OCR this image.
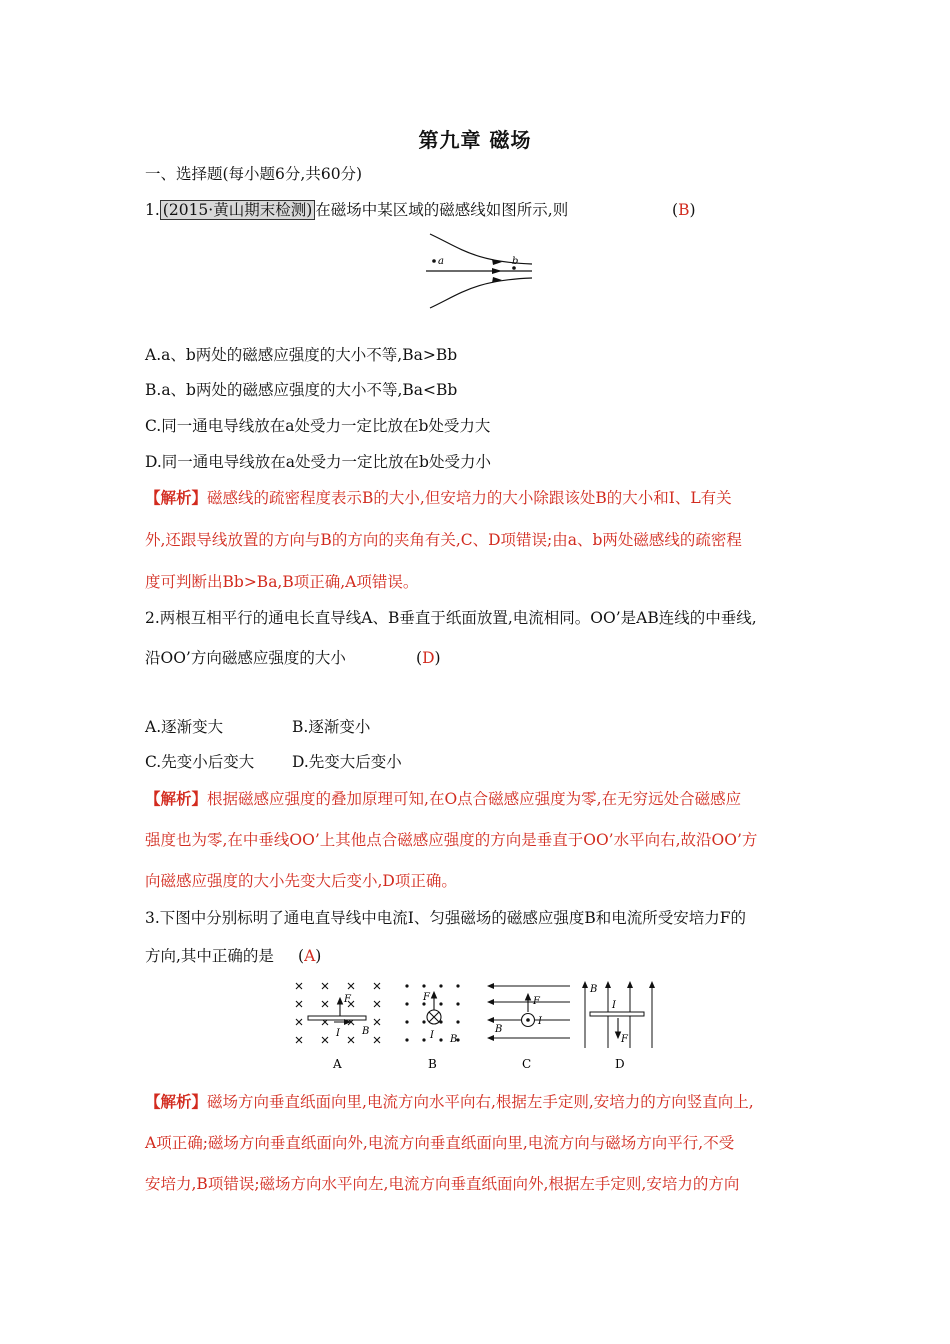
第九章 磁场
一、选择题(每小题6分,共60分)
1. (2015·黄山期末检测) 在磁场中某区域的磁感线如图所示,则	(B)
a	b
A.a、b两处的磁感应强度的大小不等,Ba>Bb
B.a、b两处的磁感应强度的大小不等,Ba<Bb
C.同一通电导线放在a处受力一定比放在b处受力大
D.同一通电导线放在a处受力一定比放在b处受力小
【解析】磁感线的疏密程度表示B的大小,但安培力的大小除跟该处B的大小和I、L有关
外,还跟导线放置的方向与B的方向的夹角有关,C、D项错误;由a、b两处磁感线的疏密程
度可判断出Bb>Ba,B项正确,A项错误。
2.两根互相平行的通电长直导线A、B垂直于纸面放置,电流相同。OO’是AB连线的中垂线,
沿OO’方向磁感应强度的大小	(D)
A.逐渐变大	B.逐渐变小
C.先变小后变大 D.先变大后变小
【解析】根据磁感应强度的叠加原理可知,在O点合磁感应强度为零,在无穷远处合磁感应
强度也为零,在中垂线OO’上其他点合磁感应强度的方向是垂直于OO’水平向右,故沿OO’方
向磁感应强度的大小先变大后变小,D项正确。
3.下图中分别标明了通电直导线中电流I、匀强磁场的磁感应强度B和电流所受安培力F的
方向,其中正确的是 (A)
F
I B
A
F
I B
B
F
I
B
C
B
I
F
D
【解析】磁场方向垂直纸面向里,电流方向水平向右,根据左手定则,安培力的方向竖直向上,
A项正确;磁场方向垂直纸面向外,电流方向垂直纸面向里,电流方向与磁场方向平行,不受
安培力,B项错误;磁场方向水平向左,电流方向垂直纸面向外,根据左手定则,安培力的方向
